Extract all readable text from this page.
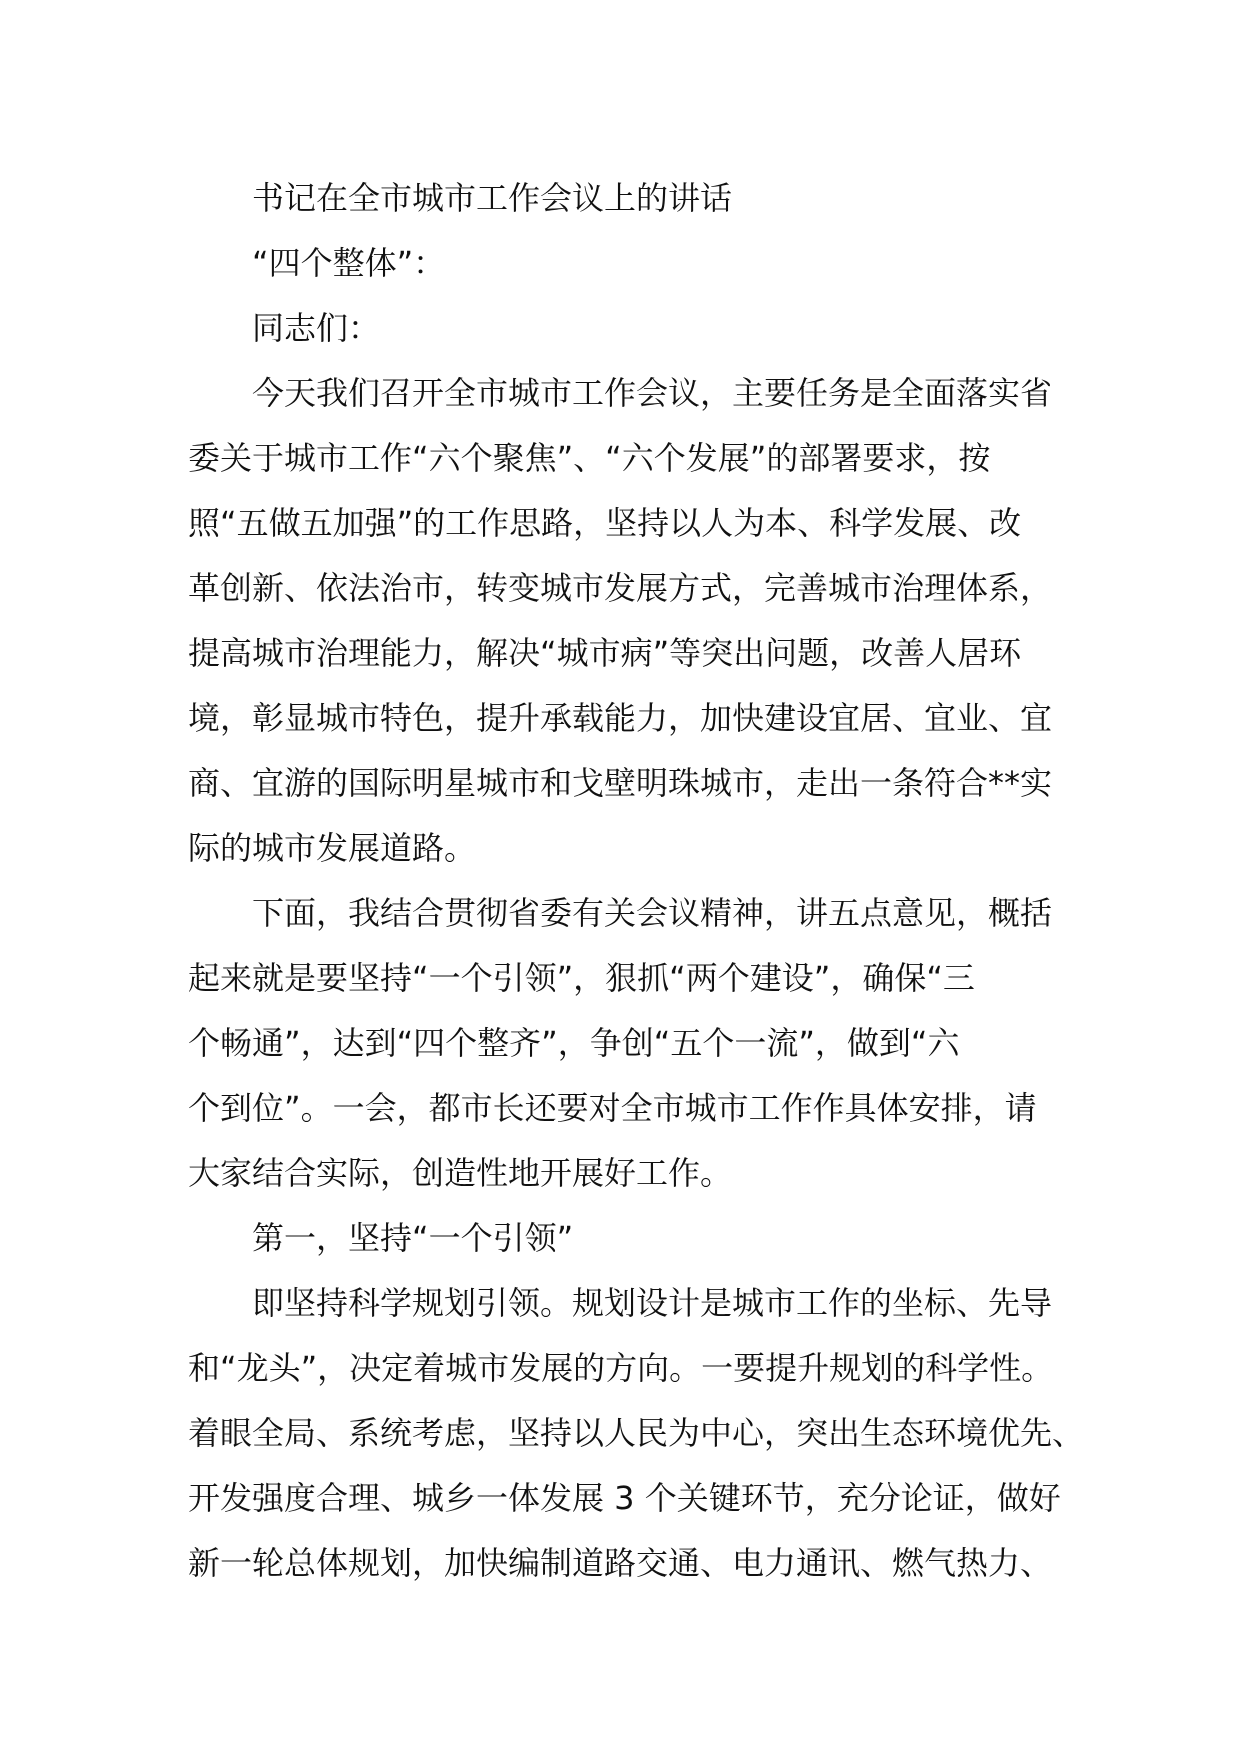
书记在全市城市工作会议上的讲话
“四个整体”：
同志们：
今天我们召开全市城市工作会议，主要任务是全面落实省
委关于城市工作“六个聚焦”、“六个发展”的部署要求，按
照“五做五加强”的工作思路，坚持以人为本、科学发展、改
革创新、依法治市，转变城市发展方式，完善城市治理体系，
提高城市治理能力，解决“城市病”等突出问题，改善人居环
境，彰显城市特色，提升承载能力，加快建设宜居、宜业、宜
商、宜游的国际明星城市和戈壁明珠城市，走出一条符合**实
际的城市发展道路。
下面，我结合贯彻省委有关会议精神，讲五点意见，概括
起来就是要坚持“一个引领”，狠抓“两个建设”，确保“三
个畅通”，达到“四个整齐”，争创“五个一流”，做到“六
个到位”。一会，都市长还要对全市城市工作作具体安排，请
大家结合实际，创造性地开展好工作。
第一，坚持“一个引领”
即坚持科学规划引领。规划设计是城市工作的坐标、先导
和“龙头”，决定着城市发展的方向。一要提升规划的科学性。
着眼全局、系统考虑，坚持以人民为中心，突出生态环境优先、
开发强度合理、城乡一体发展 3 个关键环节，充分论证，做好
新一轮总体规划，加快编制道路交通、电力通讯、燃气热力、
